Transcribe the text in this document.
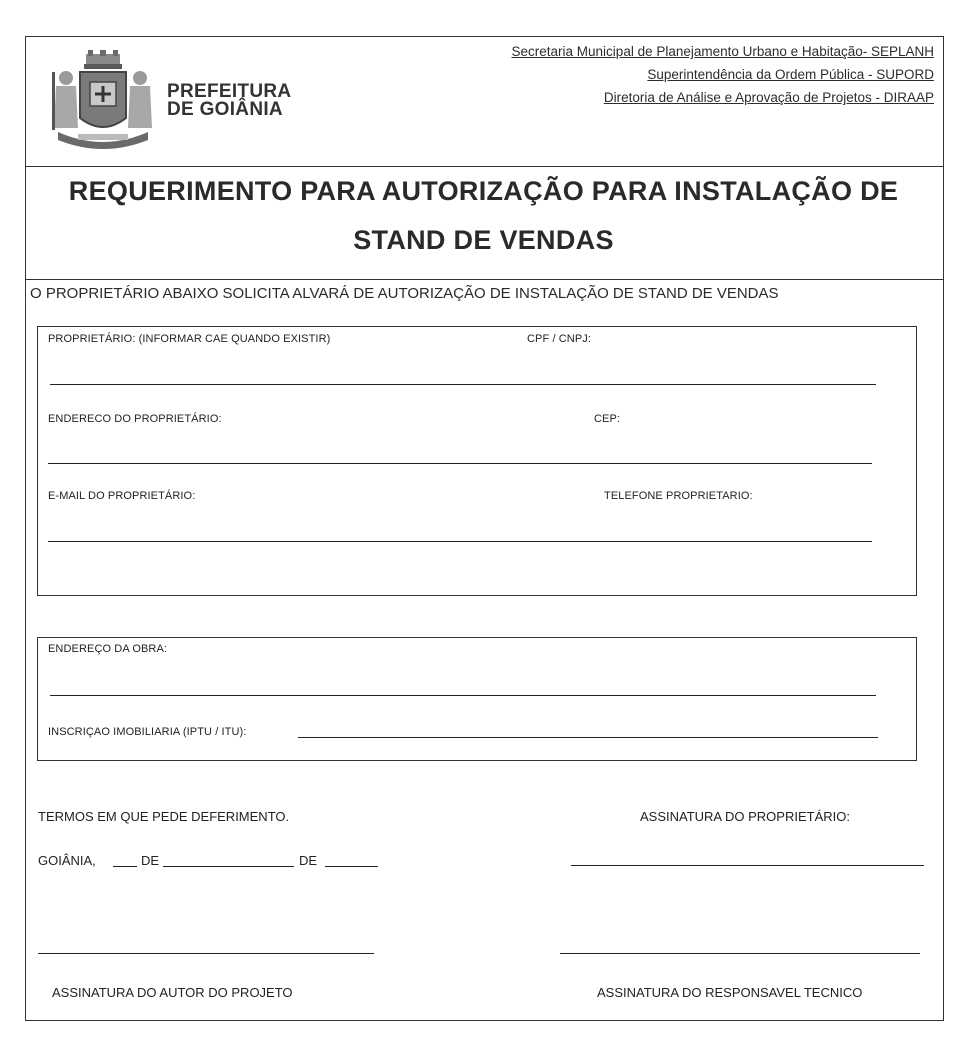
PREFEITURA
DE GOIÂNIA
Secretaria Municipal de Planejamento Urbano e Habitação- SEPLANH
Superintendência da Ordem Pública - SUPORD
Diretoria de Análise e Aprovação de Projetos - DIRAAP
REQUERIMENTO PARA AUTORIZAÇÃO PARA INSTALAÇÃO DE
STAND DE VENDAS
O PROPRIETÁRIO ABAIXO SOLICITA ALVARÁ DE AUTORIZAÇÃO DE INSTALAÇÃO DE STAND DE VENDAS
PROPRIETÁRIO: (INFORMAR CAE QUANDO EXISTIR)	CPF / CNPJ:
ENDERECO DO PROPRIETÁRIO:	CEP:
E-MAIL DO PROPRIETÁRIO:	TELEFONE PROPRIETARIO:
ENDEREÇO DA OBRA:
INSCRIÇAO IMOBILIARIA (IPTU / ITU):
TERMOS EM QUE PEDE DEFERIMENTO.	ASSINATURA DO PROPRIETÁRIO:
GOIÂNIA,	DE	DE
ASSINATURA DO AUTOR DO PROJETO	ASSINATURA DO RESPONSAVEL TECNICO
